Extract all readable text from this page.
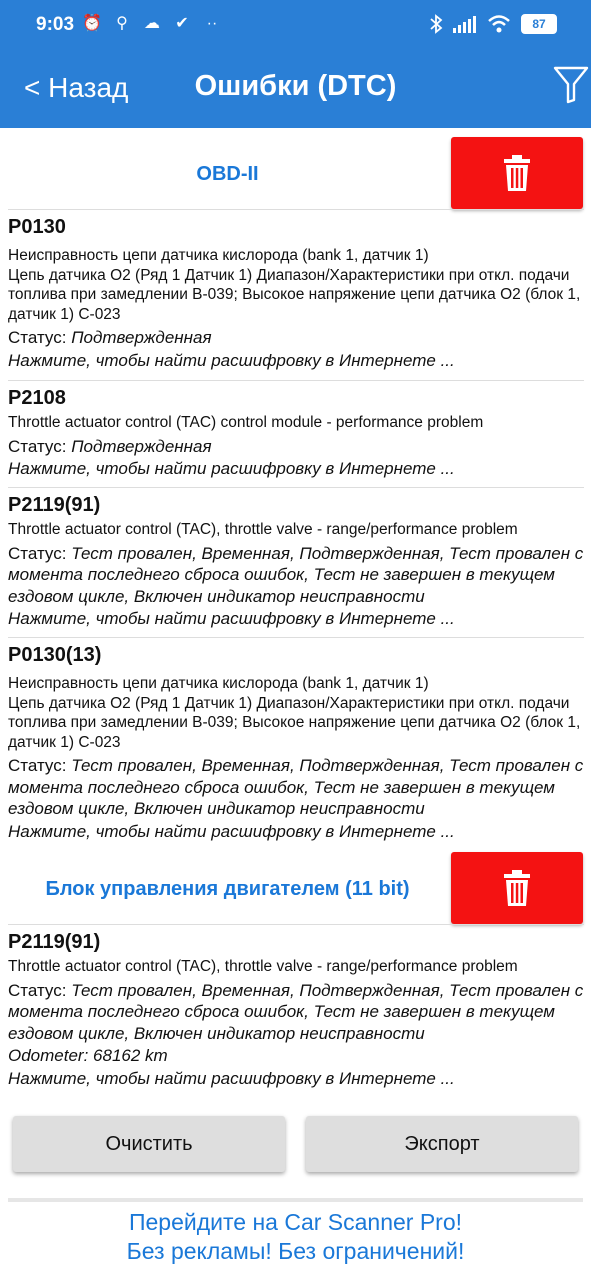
9:03 ⏰ ⚲ ☁ ✔ ··	87
< Назад	Ошибки (DTC)
OBD-II
P0130
Неисправность цепи датчика кислорода (bank 1, датчик 1)
Цепь датчика O2 (Ряд 1 Датчик 1) Диапазон/Характеристики при откл. подачи топлива при замедлении B-039; Высокое напряжение цепи датчика O2 (блок 1, датчик 1) C-023
Статус: Подтвержденная
Нажмите, чтобы найти расшифровку в Интернете ...
P2108
Throttle actuator control (TAC) control module - performance problem
Статус: Подтвержденная
Нажмите, чтобы найти расшифровку в Интернете ...
P2119(91)
Throttle actuator control (TAC), throttle valve - range/performance problem
Статус: Тест провален, Временная, Подтвержденная, Тест провален с момента последнего сброса ошибок, Тест не завершен в текущем ездовом цикле, Включен индикатор неисправности
Нажмите, чтобы найти расшифровку в Интернете ...
P0130(13)
Неисправность цепи датчика кислорода (bank 1, датчик 1)
Цепь датчика O2 (Ряд 1 Датчик 1) Диапазон/Характеристики при откл. подачи топлива при замедлении B-039; Высокое напряжение цепи датчика O2 (блок 1, датчик 1) C-023
Статус: Тест провален, Временная, Подтвержденная, Тест провален с момента последнего сброса ошибок, Тест не завершен в текущем ездовом цикле, Включен индикатор неисправности
Нажмите, чтобы найти расшифровку в Интернете ...
Блок управления двигателем (11 bit)
P2119(91)
Throttle actuator control (TAC), throttle valve - range/performance problem
Статус: Тест провален, Временная, Подтвержденная, Тест провален с момента последнего сброса ошибок, Тест не завершен в текущем ездовом цикле, Включен индикатор неисправности
Odometer: 68162 km
Нажмите, чтобы найти расшифровку в Интернете ...
Очистить	Экспорт
Перейдите на Car Scanner Pro!
Без рекламы! Без ограничений!
